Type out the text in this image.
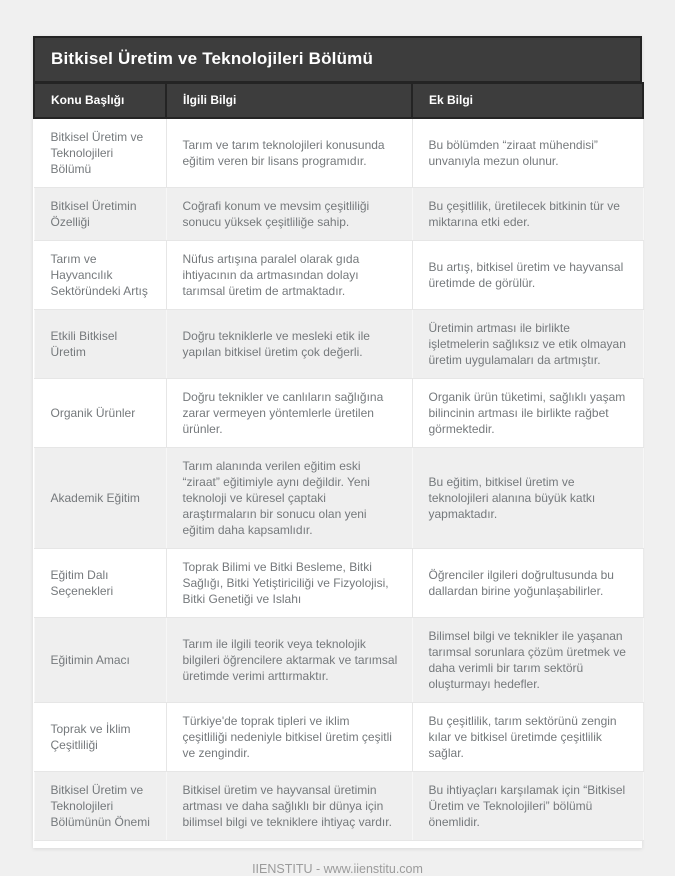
Bitkisel Üretim ve Teknolojileri Bölümü
Konu Başlığı	İlgili Bilgi	Ek Bilgi
Bitkisel Üretim ve Teknolojileri Bölümü	Tarım ve tarım teknolojileri konusunda eğitim veren bir lisans programıdır.	Bu bölümden “ziraat mühendisi” unvanıyla mezun olunur.
Bitkisel Üretimin Özelliği	Coğrafi konum ve mevsim çeşitliliği sonucu yüksek çeşitliliğe sahip.	Bu çeşitlilik, üretilecek bitkinin tür ve miktarına etki eder.
Tarım ve Hayvancılık Sektöründeki Artış	Nüfus artışına paralel olarak gıda ihtiyacının da artmasından dolayı tarımsal üretim de artmaktadır.	Bu artış, bitkisel üretim ve hayvansal üretimde de görülür.
Etkili Bitkisel Üretim	Doğru tekniklerle ve mesleki etik ile yapılan bitkisel üretim çok değerli.	Üretimin artması ile birlikte işletmelerin sağlıksız ve etik olmayan üretim uygulamaları da artmıştır.
Organik Ürünler	Doğru teknikler ve canlıların sağlığına zarar vermeyen yöntemlerle üretilen ürünler.	Organik ürün tüketimi, sağlıklı yaşam bilincinin artması ile birlikte rağbet görmektedir.
Akademik Eğitim	Tarım alanında verilen eğitim eski “ziraat” eğitimiyle aynı değildir. Yeni teknoloji ve küresel çaptaki araştırmaların bir sonucu olan yeni eğitim daha kapsamlıdır.	Bu eğitim, bitkisel üretim ve teknolojileri alanına büyük katkı yapmaktadır.
Eğitim Dalı Seçenekleri	Toprak Bilimi ve Bitki Besleme, Bitki Sağlığı, Bitki Yetiştiriciliği ve Fizyolojisi, Bitki Genetiği ve Islahı	Öğrenciler ilgileri doğrultusunda bu dallardan birine yoğunlaşabilirler.
Eğitimin Amacı	Tarım ile ilgili teorik veya teknolojik bilgileri öğrencilere aktarmak ve tarımsal üretimde verimi arttırmaktır.	Bilimsel bilgi ve teknikler ile yaşanan tarımsal sorunlara çözüm üretmek ve daha verimli bir tarım sektörü oluşturmayı hedefler.
Toprak ve İklim Çeşitliliği	Türkiye'de toprak tipleri ve iklim çeşitliliği nedeniyle bitkisel üretim çeşitli ve zengindir.	Bu çeşitlilik, tarım sektörünü zengin kılar ve bitkisel üretimde çeşitlilik sağlar.
Bitkisel Üretim ve Teknolojileri Bölümünün Önemi	Bitkisel üretim ve hayvansal üretimin artması ve daha sağlıklı bir dünya için bilimsel bilgi ve tekniklere ihtiyaç vardır.	Bu ihtiyaçları karşılamak için “Bitkisel Üretim ve Teknolojileri” bölümü önemlidir.
IIENSTITU - www.iienstitu.com
